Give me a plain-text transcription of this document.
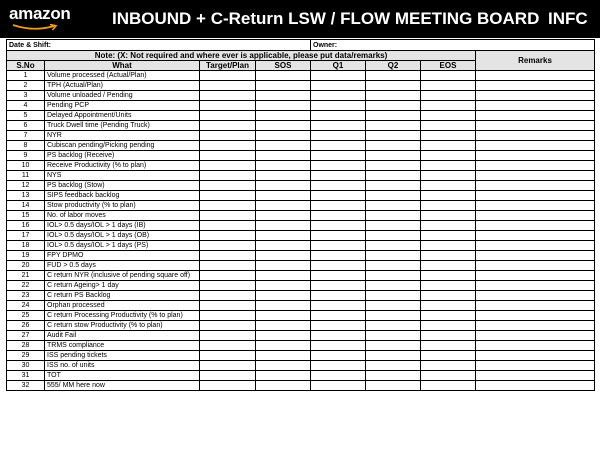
amazon INBOUND + C-Return LSW / FLOW MEETING BOARD INFC
Date & Shift:				Owner:			
Note: (X: Not required and where ever is applicable, please put data/remarks)							Remarks
S.No	What	Target/Plan	SOS	Q1	Q2	EOS	
1	Volume processed (Actual/Plan)						
2	TPH (Actual/Plan)						
3	Volume unloaded / Pending						
4	Pending PCP						
5	Delayed Appointment/Units						
6	Truck Dwell time (Pending Truck)						
7	NYR						
8	Cubiscan pending/Picking pending						
9	PS backlog (Receive)						
10	Receive Productivity (% to plan)						
11	NYS						
12	PS backlog (Stow)						
13	SIPS feedback backlog						
14	Stow productivity (% to plan)						
15	No. of labor moves						
16	IOL> 0.5 days/IOL > 1 days (IB)						
17	IOL> 0.5 days/IOL > 1 days (OB)						
18	IOL> 0.5 days/IOL > 1 days (PS)						
19	FPY DPMO						
20	FUD > 0.5 days						
21	C return NYR (inclusive of pending square off)						
22	C return Ageing> 1 day						
23	C return PS Backlog						
24	Orphan processed						
25	C return Processing Productivity (% to plan)						
26	C return stow Productivity (% to plan)						
27	Audit Fail						
28	TRMS compliance						
29	ISS pending tickets						
30	ISS no. of units						
31	TOT						
32	555/ MM here now						
